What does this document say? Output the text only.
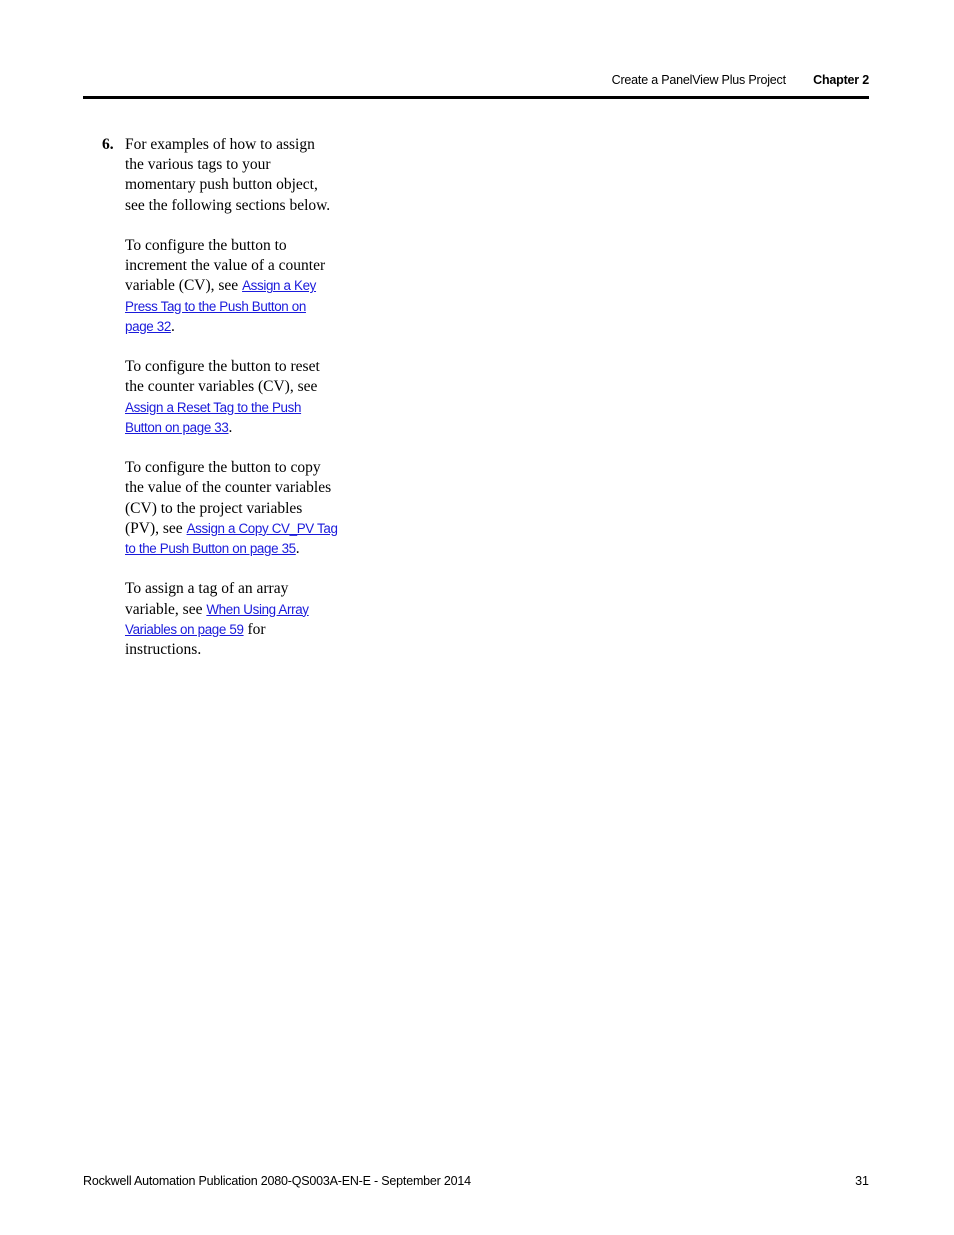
Create a PanelView Plus Project Chapter 2
6. For examples of how to assign
the various tags to your
momentary push button object,
see the following sections below.

To configure the button to
increment the value of a counter
variable (CV), see Assign a Key
Press Tag to the Push Button on
page 32.

To configure the button to reset
the counter variables (CV), see
Assign a Reset Tag to the Push
Button on page 33.

To configure the button to copy
the value of the counter variables
(CV) to the project variables
(PV), see Assign a Copy CV_PV Tag
to the Push Button on page 35.

To assign a tag of an array
variable, see When Using Array
Variables on page 59 for
instructions.

Rockwell Automation Publication 2080-QS003A-EN-E - September 2014	31
